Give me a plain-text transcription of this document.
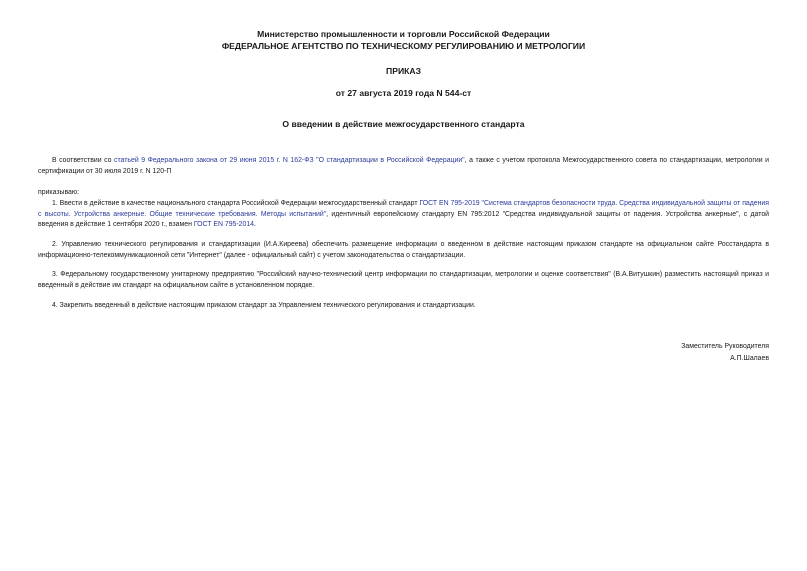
Министерство промышленности и торговли Российской Федерации
ФЕДЕРАЛЬНОЕ АГЕНТСТВО ПО ТЕХНИЧЕСКОМУ РЕГУЛИРОВАНИЮ И МЕТРОЛОГИИ
ПРИКАЗ
от 27 августа 2019 года N 544-ст
О введении в действие межгосударственного стандарта

В соответствии со статьей 9 Федерального закона от 29 июня 2015 г. N 162-ФЗ "О стандартизации в Российской Федерации", а также с учетом протокола Межгосударственного совета по стандартизации, метрологии и сертификации от 30 июля 2019 г. N 120-П

приказываю:

1. Ввести в действие в качестве национального стандарта Российской Федерации межгосударственный стандарт ГОСТ EN 795-2019 "Система стандартов безопасности труда. Средства индивидуальной защиты от падения с высоты. Устройства анкерные. Общие технические требования. Методы испытаний", идентичный европейскому стандарту EN 795:2012 "Средства индивидуальной защиты от падения. Устройства анкерные", с датой введения в действие 1 сентября 2020 г., взамен ГОСТ EN 795-2014.

2. Управлению технического регулирования и стандартизации (И.А.Киреева) обеспечить размещение информации о введенном в действие настоящим приказом стандарте на официальном сайте Росстандарта в информационно-телекоммуникационной сети "Интернет" (далее - официальный сайт) с учетом законодательства о стандартизации.

3. Федеральному государственному унитарному предприятию "Российский научно-технический центр информации по стандартизации, метрологии и оценке соответствия" (В.А.Витушкин) разместить настоящий приказ и введенный в действие им стандарт на официальном сайте в установленном порядке.

4. Закрепить введенный в действие настоящим приказом стандарт за Управлением технического регулирования и стандартизации.

Заместитель Руководителя
А.П.Шалаев
